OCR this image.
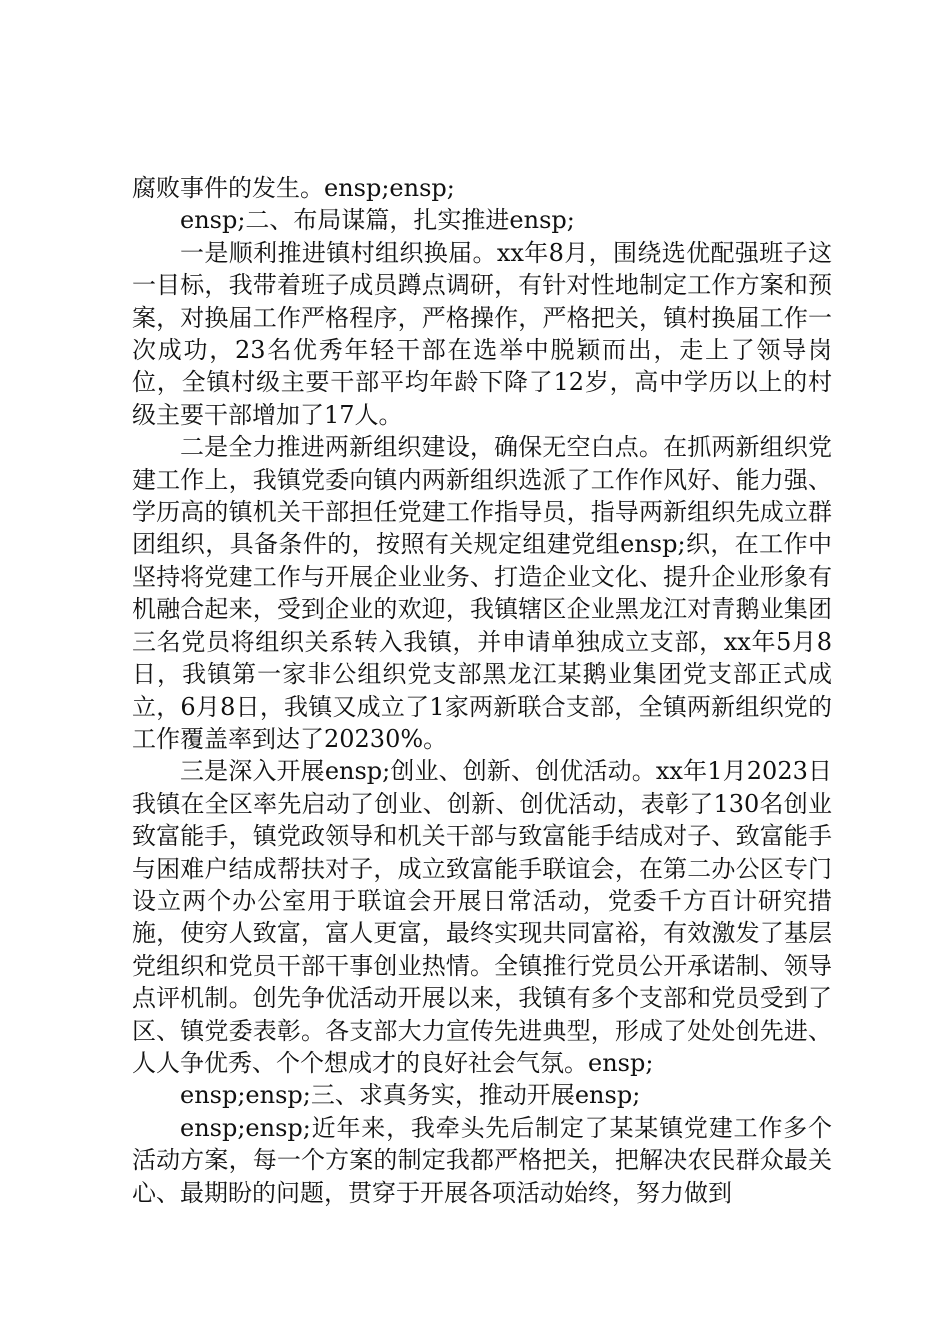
腐败事件的发生。ensp;ensp;

ensp;二、布局谋篇，扎实推进ensp;

一是顺利推进镇村组织换届。xx年8月，围绕选优配强班子这一目标，我带着班子成员蹲点调研，有针对性地制定工作方案和预案，对换届工作严格程序，严格操作，严格把关，镇村换届工作一次成功，23名优秀年轻干部在选举中脱颖而出，走上了领导岗位，全镇村级主要干部平均年龄下降了12岁，高中学历以上的村级主要干部增加了17人。

二是全力推进两新组织建设，确保无空白点。在抓两新组织党建工作上，我镇党委向镇内两新组织选派了工作作风好、能力强、学历高的镇机关干部担任党建工作指导员，指导两新组织先成立群团组织，具备条件的，按照有关规定组建党组ensp;织，在工作中坚持将党建工作与开展企业业务、打造企业文化、提升企业形象有机融合起来，受到企业的欢迎，我镇辖区企业黑龙江对青鹅业集团三名党员将组织关系转入我镇，并申请单独成立支部，xx年5月8日，我镇第一家非公组织党支部黑龙江某鹅业集团党支部正式成立，6月8日，我镇又成立了1家两新联合支部，全镇两新组织党的工作覆盖率到达了20230%。

三是深入开展ensp;创业、创新、创优活动。xx年1月2023日我镇在全区率先启动了创业、创新、创优活动，表彰了130名创业致富能手，镇党政领导和机关干部与致富能手结成对子、致富能手与困难户结成帮扶对子，成立致富能手联谊会，在第二办公区专门设立两个办公室用于联谊会开展日常活动，党委千方百计研究措施，使穷人致富，富人更富，最终实现共同富裕，有效激发了基层党组织和党员干部干事创业热情。全镇推行党员公开承诺制、领导点评机制。创先争优活动开展以来，我镇有多个支部和党员受到了区、镇党委表彰。各支部大力宣传先进典型，形成了处处创先进、人人争优秀、个个想成才的良好社会气氛。ensp;

ensp;ensp;三、求真务实，推动开展ensp;

ensp;ensp;近年来，我牵头先后制定了某某镇党建工作多个活动方案，每一个方案的制定我都严格把关，把解决农民群众最关心、最期盼的问题，贯穿于开展各项活动始终，努力做到
